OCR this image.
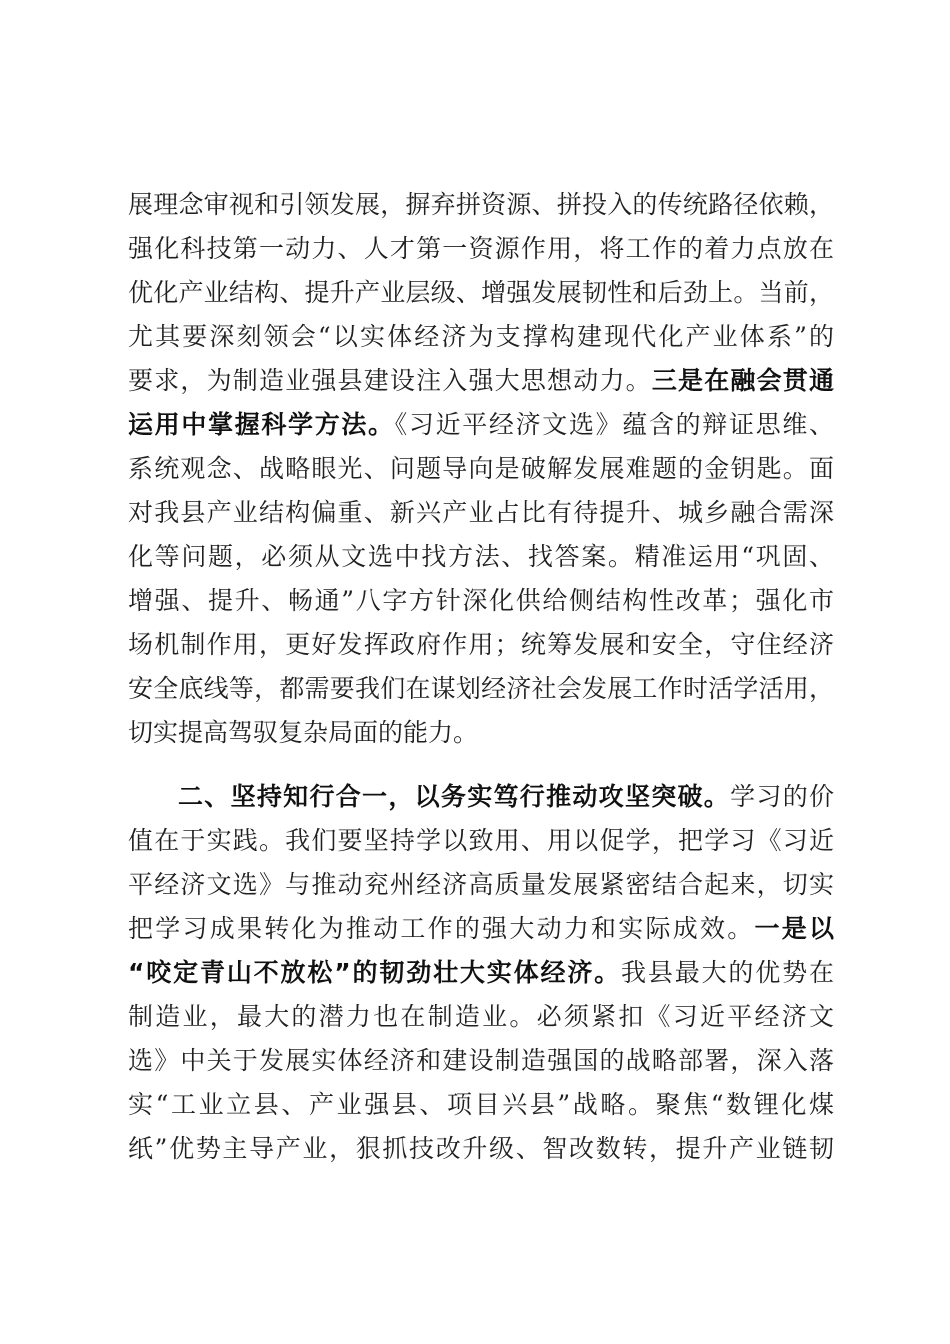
展理念审视和引领发展，摒弃拼资源、拼投入的传统路径依赖，
强化科技第一动力、人才第一资源作用，将工作的着力点放在
优化产业结构、提升产业层级、增强发展韧性和后劲上。当前，
尤其要深刻领会“以实体经济为支撑构建现代化产业体系”的
要求，为制造业强县建设注入强大思想动力。三是在融会贯通
运用中掌握科学方法。《习近平经济文选》蕴含的辩证思维、
系统观念、战略眼光、问题导向是破解发展难题的金钥匙。面
对我县产业结构偏重、新兴产业占比有待提升、城乡融合需深
化等问题，必须从文选中找方法、找答案。精准运用“巩固、
增强、提升、畅通”八字方针深化供给侧结构性改革；强化市
场机制作用，更好发挥政府作用；统筹发展和安全，守住经济
安全底线等，都需要我们在谋划经济社会发展工作时活学活用，
切实提高驾驭复杂局面的能力。
二、坚持知行合一，以务实笃行推动攻坚突破。学习的价
值在于实践。我们要坚持学以致用、用以促学，把学习《习近
平经济文选》与推动兖州经济高质量发展紧密结合起来，切实
把学习成果转化为推动工作的强大动力和实际成效。一是以
“咬定青山不放松”的韧劲壮大实体经济。我县最大的优势在
制造业，最大的潜力也在制造业。必须紧扣《习近平经济文
选》中关于发展实体经济和建设制造强国的战略部署，深入落
实“工业立县、产业强县、项目兴县”战略。聚焦“数锂化煤
纸”优势主导产业，狠抓技改升级、智改数转，提升产业链韧
